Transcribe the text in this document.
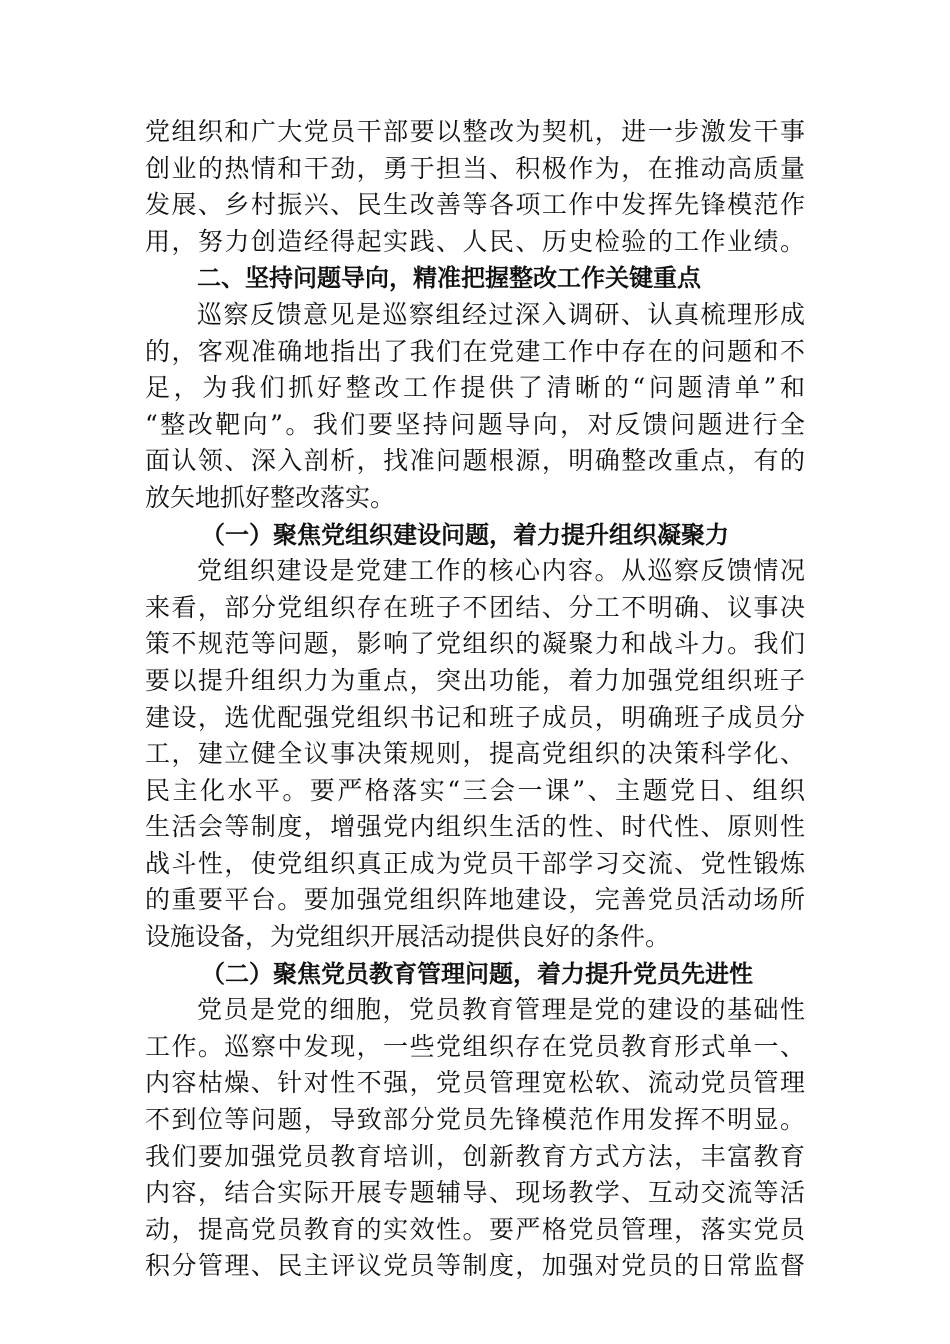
党组织和广大党员干部要以整改为契机，进一步激发干事
创业的热情和干劲，勇于担当、积极作为，在推动高质量
发展、乡村振兴、民生改善等各项工作中发挥先锋模范作
用，努力创造经得起实践、人民、历史检验的工作业绩。
二、坚持问题导向，精准把握整改工作关键重点
巡察反馈意见是巡察组经过深入调研、认真梳理形成
的，客观准确地指出了我们在党建工作中存在的问题和不
足，为我们抓好整改工作提供了清晰的“问题清单”和
“整改靶向”。我们要坚持问题导向，对反馈问题进行全
面认领、深入剖析，找准问题根源，明确整改重点，有的
放矢地抓好整改落实。
（一）聚焦党组织建设问题，着力提升组织凝聚力
党组织建设是党建工作的核心内容。从巡察反馈情况
来看，部分党组织存在班子不团结、分工不明确、议事决
策不规范等问题，影响了党组织的凝聚力和战斗力。我们
要以提升组织力为重点，突出功能，着力加强党组织班子
建设，选优配强党组织书记和班子成员，明确班子成员分
工，建立健全议事决策规则，提高党组织的决策科学化、
民主化水平。要严格落实“三会一课”、主题党日、组织
生活会等制度，增强党内组织生活的性、时代性、原则性
战斗性，使党组织真正成为党员干部学习交流、党性锻炼
的重要平台。要加强党组织阵地建设，完善党员活动场所
设施设备，为党组织开展活动提供良好的条件。
（二）聚焦党员教育管理问题，着力提升党员先进性
党员是党的细胞，党员教育管理是党的建设的基础性
工作。巡察中发现，一些党组织存在党员教育形式单一、
内容枯燥、针对性不强，党员管理宽松软、流动党员管理
不到位等问题，导致部分党员先锋模范作用发挥不明显。
我们要加强党员教育培训，创新教育方式方法，丰富教育
内容，结合实际开展专题辅导、现场教学、互动交流等活
动，提高党员教育的实效性。要严格党员管理，落实党员
积分管理、民主评议党员等制度，加强对党员的日常监督
